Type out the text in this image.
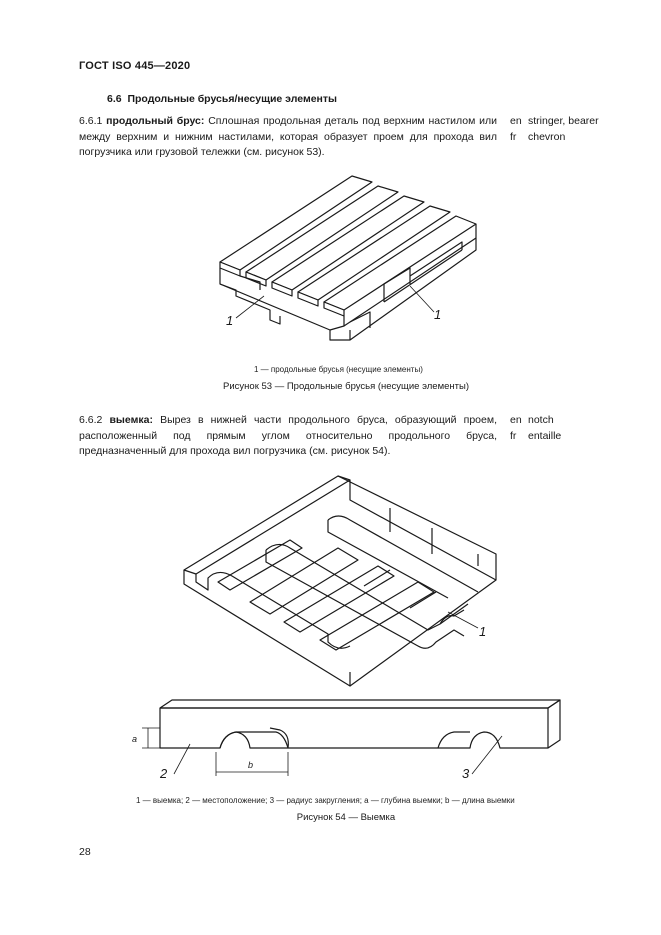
ГОСТ ISO 445—2020
6.6 Продольные брусья/несущие элементы
6.6.1 продольный брус: Сплошная продольная деталь под верхним настилом или между верхним и нижним настилами, которая образует проем для прохода вил погрузчика или грузовой тележки (см. рисунок 53).
en stringer, bearer
fr chevron
1	1
1 — продольные брусья (несущие элементы)
Рисунок 53 — Продольные брусья (несущие элементы)
6.6.2 выемка: Вырез в нижней части продольного бруса, образующий проем, расположенный под прямым углом относительно продольного бруса, предназначенный для прохода вил погрузчика (см. рисунок 54).
en notch
fr entaille
1
a
b
2	3
1 — выемка; 2 — местоположение; 3 — радиус закругления; a — глубина выемки; b — длина выемки
Рисунок 54 — Выемка
28
